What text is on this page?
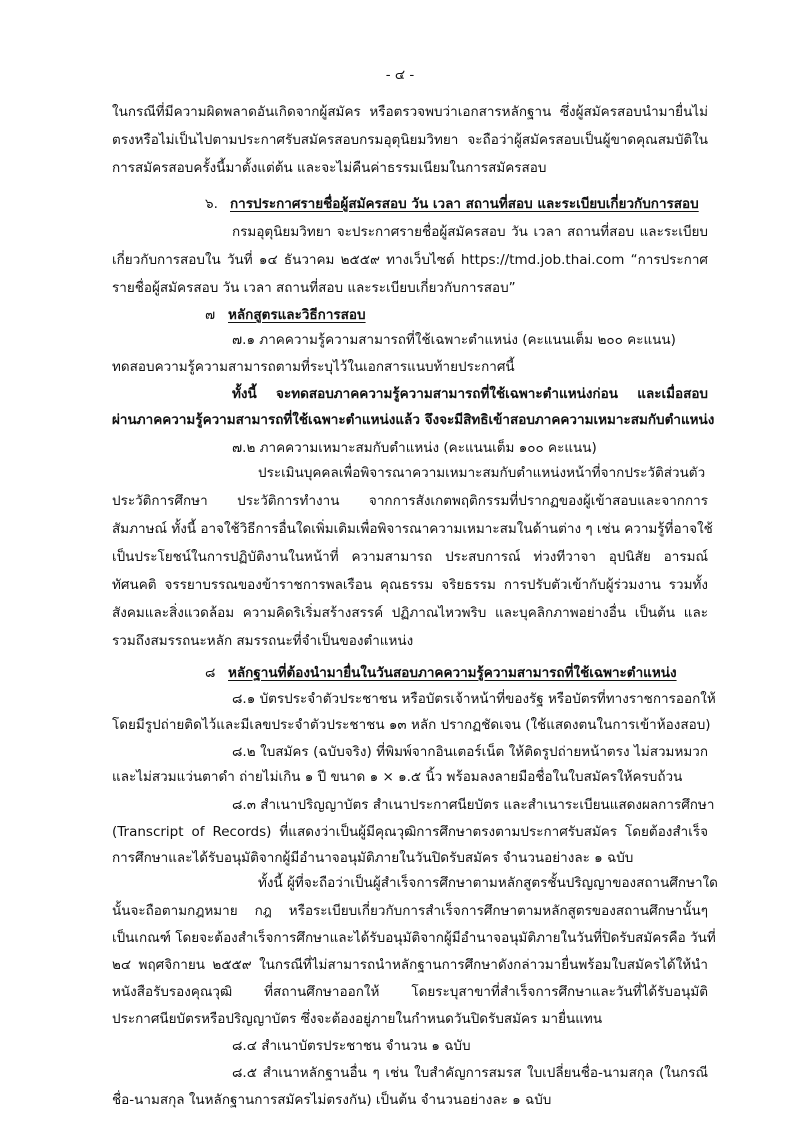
- ๔ -
ในกรณีที่มีความผิดพลาดอันเกิดจากผู้สมัคร หรือตรวจพบว่าเอกสารหลักฐาน ซึ่งผู้สมัครสอบนำมายื่นไม่
ตรงหรือไม่เป็นไปตามประกาศรับสมัครสอบกรมอุตุนิยมวิทยา จะถือว่าผู้สมัครสอบเป็นผู้ขาดคุณสมบัติใน
การสมัครสอบครั้งนี้มาตั้งแต่ต้น และจะไม่คืนค่าธรรมเนียมในการสมัครสอบ
๖. การประกาศรายชื่อผู้สมัครสอบ วัน เวลา สถานที่สอบ และระเบียบเกี่ยวกับการสอบ
กรมอุตุนิยมวิทยา จะประกาศรายชื่อผู้สมัครสอบ วัน เวลา สถานที่สอบ และระเบียบ
เกี่ยวกับการสอบใน วันที่ ๑๔ ธันวาคม ๒๕๕๙ ทางเว็บไซต์ https://tmd.job.thai.com “การประกาศ
รายชื่อผู้สมัครสอบ วัน เวลา สถานที่สอบ และระเบียบเกี่ยวกับการสอบ”
๗ หลักสูตรและวิธีการสอบ
๗.๑ ภาคความรู้ความสามารถที่ใช้เฉพาะตำแหน่ง (คะแนนเต็ม ๒๐๐ คะแนน)
ทดสอบความรู้ความสามารถตามที่ระบุไว้ในเอกสารแนบท้ายประกาศนี้
ทั้งนี้ จะทดสอบภาคความรู้ความสามารถที่ใช้เฉพาะตำแหน่งก่อน และเมื่อสอบ
ผ่านภาคความรู้ความสามารถที่ใช้เฉพาะตำแหน่งแล้ว จึงจะมีสิทธิเข้าสอบภาคความเหมาะสมกับตำแหน่ง
๗.๒ ภาคความเหมาะสมกับตำแหน่ง (คะแนนเต็ม ๑๐๐ คะแนน)
ประเมินบุคคลเพื่อพิจารณาความเหมาะสมกับตำแหน่งหน้าที่จากประวัติส่วนตัว
ประวัติการศึกษา ประวัติการทำงาน จากการสังเกตพฤติกรรมที่ปรากฏของผู้เข้าสอบและจากการ
สัมภาษณ์ ทั้งนี้ อาจใช้วิธีการอื่นใดเพิ่มเติมเพื่อพิจารณาความเหมาะสมในด้านต่าง ๆ เช่น ความรู้ที่อาจใช้
เป็นประโยชน์ในการปฏิบัติงานในหน้าที่ ความสามารถ ประสบการณ์ ท่วงทีวาจา อุปนิสัย อารมณ์
ทัศนคติ จรรยาบรรณของข้าราชการพลเรือน คุณธรรม จริยธรรม การปรับตัวเข้ากับผู้ร่วมงาน รวมทั้ง
สังคมและสิ่งแวดล้อม ความคิดริเริ่มสร้างสรรค์ ปฏิภาณไหวพริบ และบุคลิกภาพอย่างอื่น เป็นต้น และ
รวมถึงสมรรถนะหลัก สมรรถนะที่จำเป็นของตำแหน่ง
๘ หลักฐานที่ต้องนำมายื่นในวันสอบภาคความรู้ความสามารถที่ใช้เฉพาะตำแหน่ง
๘.๑ บัตรประจำตัวประชาชน หรือบัตรเจ้าหน้าที่ของรัฐ หรือบัตรที่ทางราชการออกให้
โดยมีรูปถ่ายติดไว้และมีเลขประจำตัวประชาชน ๑๓ หลัก ปรากฏชัดเจน (ใช้แสดงตนในการเข้าห้องสอบ)
๘.๒ ใบสมัคร (ฉบับจริง) ที่พิมพ์จากอินเตอร์เน็ต ให้ติดรูปถ่ายหน้าตรง ไม่สวมหมวก
และไม่สวมแว่นตาดำ ถ่ายไม่เกิน ๑ ปี ขนาด ๑ × ๑.๕ นิ้ว พร้อมลงลายมือชื่อในใบสมัครให้ครบถ้วน
๘.๓ สำเนาปริญญาบัตร สำเนาประกาศนียบัตร และสำเนาระเบียนแสดงผลการศึกษา
(Transcript of Records) ที่แสดงว่าเป็นผู้มีคุณวุฒิการศึกษาตรงตามประกาศรับสมัคร โดยต้องสำเร็จ
การศึกษาและได้รับอนุมัติจากผู้มีอำนาจอนุมัติภายในวันปิดรับสมัคร จำนวนอย่างละ ๑ ฉบับ
ทั้งนี้ ผู้ที่จะถือว่าเป็นผู้สำเร็จการศึกษาตามหลักสูตรชั้นปริญญาของสถานศึกษาใด
นั้นจะถือตามกฎหมาย กฎ หรือระเบียบเกี่ยวกับการสำเร็จการศึกษาตามหลักสูตรของสถานศึกษานั้นๆ
เป็นเกณฑ์ โดยจะต้องสำเร็จการศึกษาและได้รับอนุมัติจากผู้มีอำนาจอนุมัติภายในวันที่ปิดรับสมัครคือ วันที่
๒๔ พฤศจิกายน ๒๕๕๙ ในกรณีที่ไม่สามารถนำหลักฐานการศึกษาดังกล่าวมายื่นพร้อมใบสมัครได้ให้นำ
หนังสือรับรองคุณวุฒิ ที่สถานศึกษาออกให้ โดยระบุสาขาที่สำเร็จการศึกษาและวันที่ได้รับอนุมัติ
ประกาศนียบัตรหรือปริญญาบัตร ซึ่งจะต้องอยู่ภายในกำหนดวันปิดรับสมัคร มายื่นแทน
๘.๔ สำเนาบัตรประชาชน จำนวน ๑ ฉบับ
๘.๕ สำเนาหลักฐานอื่น ๆ เช่น ใบสำคัญการสมรส ใบเปลี่ยนชื่อ-นามสกุล (ในกรณี
ชื่อ-นามสกุล ในหลักฐานการสมัครไม่ตรงกัน) เป็นต้น จำนวนอย่างละ ๑ ฉบับ
